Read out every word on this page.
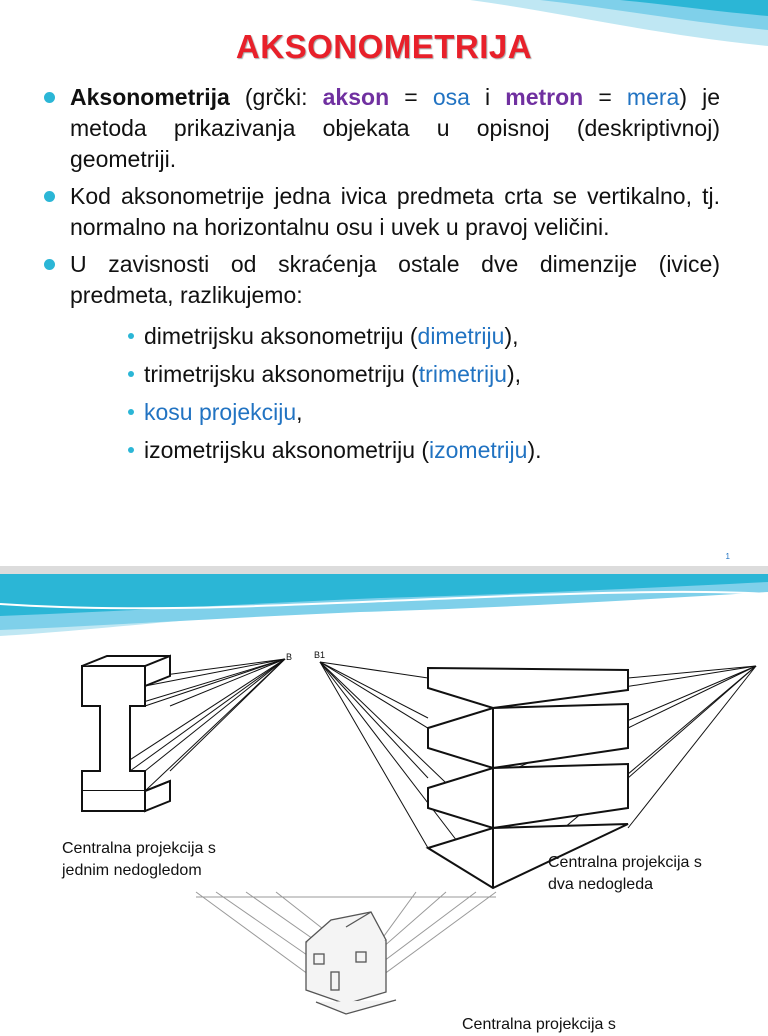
AKSONOMETRIJA
Aksonometrija (grčki: akson = osa i metron = mera) je metoda prikazivanja objekata u opisnoj (deskriptivnoj) geometriji.
Kod aksonometrije jedna ivica predmeta crta se vertikalno, tj. normalno na horizontalnu osu i uvek u pravoj veličini.
U zavisnosti od skraćenja ostale dve dimenzije (ivice) predmeta, razlikujemo:
dimetrijsku aksonometriju (dimetriju),
trimetrijsku aksonometriju (trimetriju),
kosu projekciju,
izometrijsku aksonometriju (izometriju).
1
B B1
Centralna projekcija s
jednim nedogledom	Centralna projekcija s
dva nedogleda
Centralna projekcija s
